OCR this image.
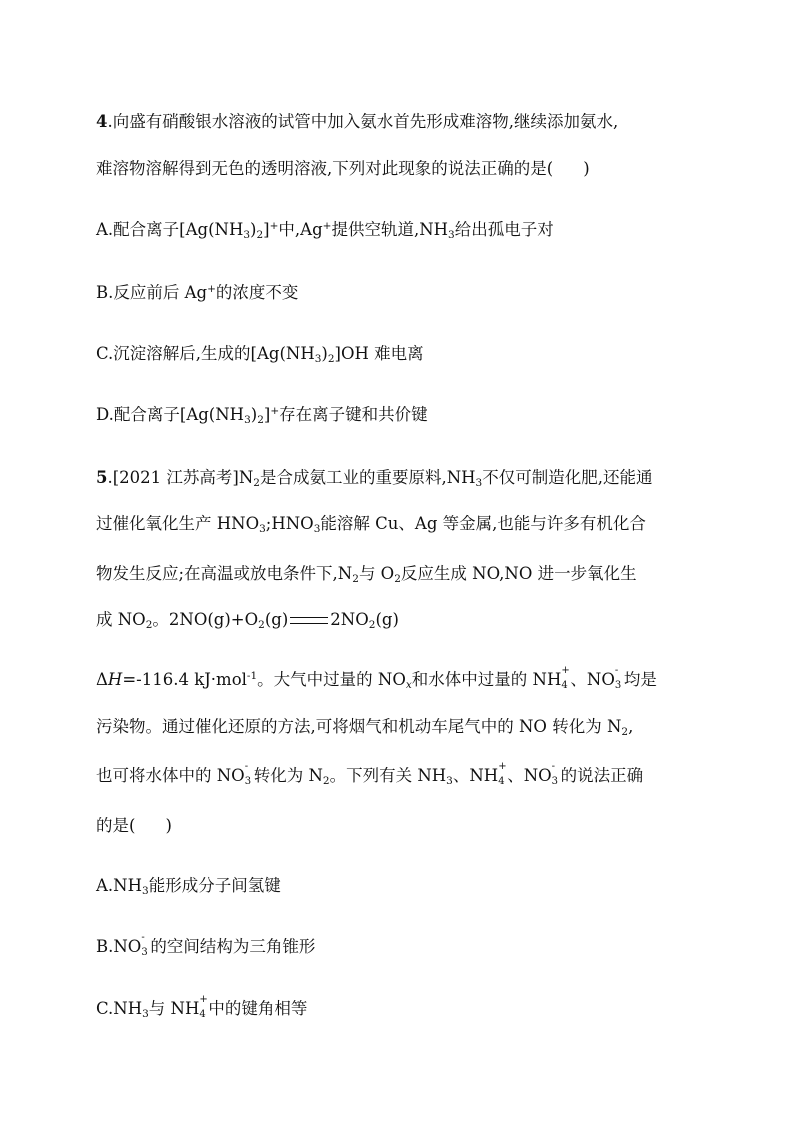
4.向盛有硝酸银水溶液的试管中加入氨水首先形成难溶物,继续添加氨水,
难溶物溶解得到无色的透明溶液,下列对此现象的说法正确的是( )
A.配合离子$[Ag(NH_3)_2]^+$中,Ag+提供空轨道$,NH_3$给出孤电子对
B.反应前后 Ag+的浓度不变
C.沉淀溶解后,生成的$[Ag(NH_3)_2]OH$ 难电离
D.配合离子$[Ag(NH_3)_2]^+$存在离子键和共价键
5.[2021 江苏高考]$N_2$是合成氨工业的重要原料$,NH_3$不仅可制造化肥,还能通
过催化氧化生产 $HNO_3;HNO_3$能溶解 Cu、Ag 等金属,也能与许多有机化合
物发生反应;在高温或放电条件下$,N_2$与 $O_2$反应生成 NO,NO 进一步氧化生
成 $NO_2$。$2NO(g)+O_2(g)$	$2NO_2(g)$
ΔH=-116.4 kJ·mol$^{-1}$。大气中过量的 $NO_x$和水体中过量的 NH +
4 、NO -
3 均是
污染物。通过催化还原的方法,可将烟气和机动车尾气中的 NO 转化为 $N_2$,
也可将水体中的 NO -
3 转化为 $N_2$。下列有关 $NH_3$、NH +
4 、NO -
3 的说法正确
的是( )
$A.NH_3$能形成分子间氢键
B.NO -
3 的空间结构为三角锥形
$C.NH_3$与 NH +
4 中的键角相等
